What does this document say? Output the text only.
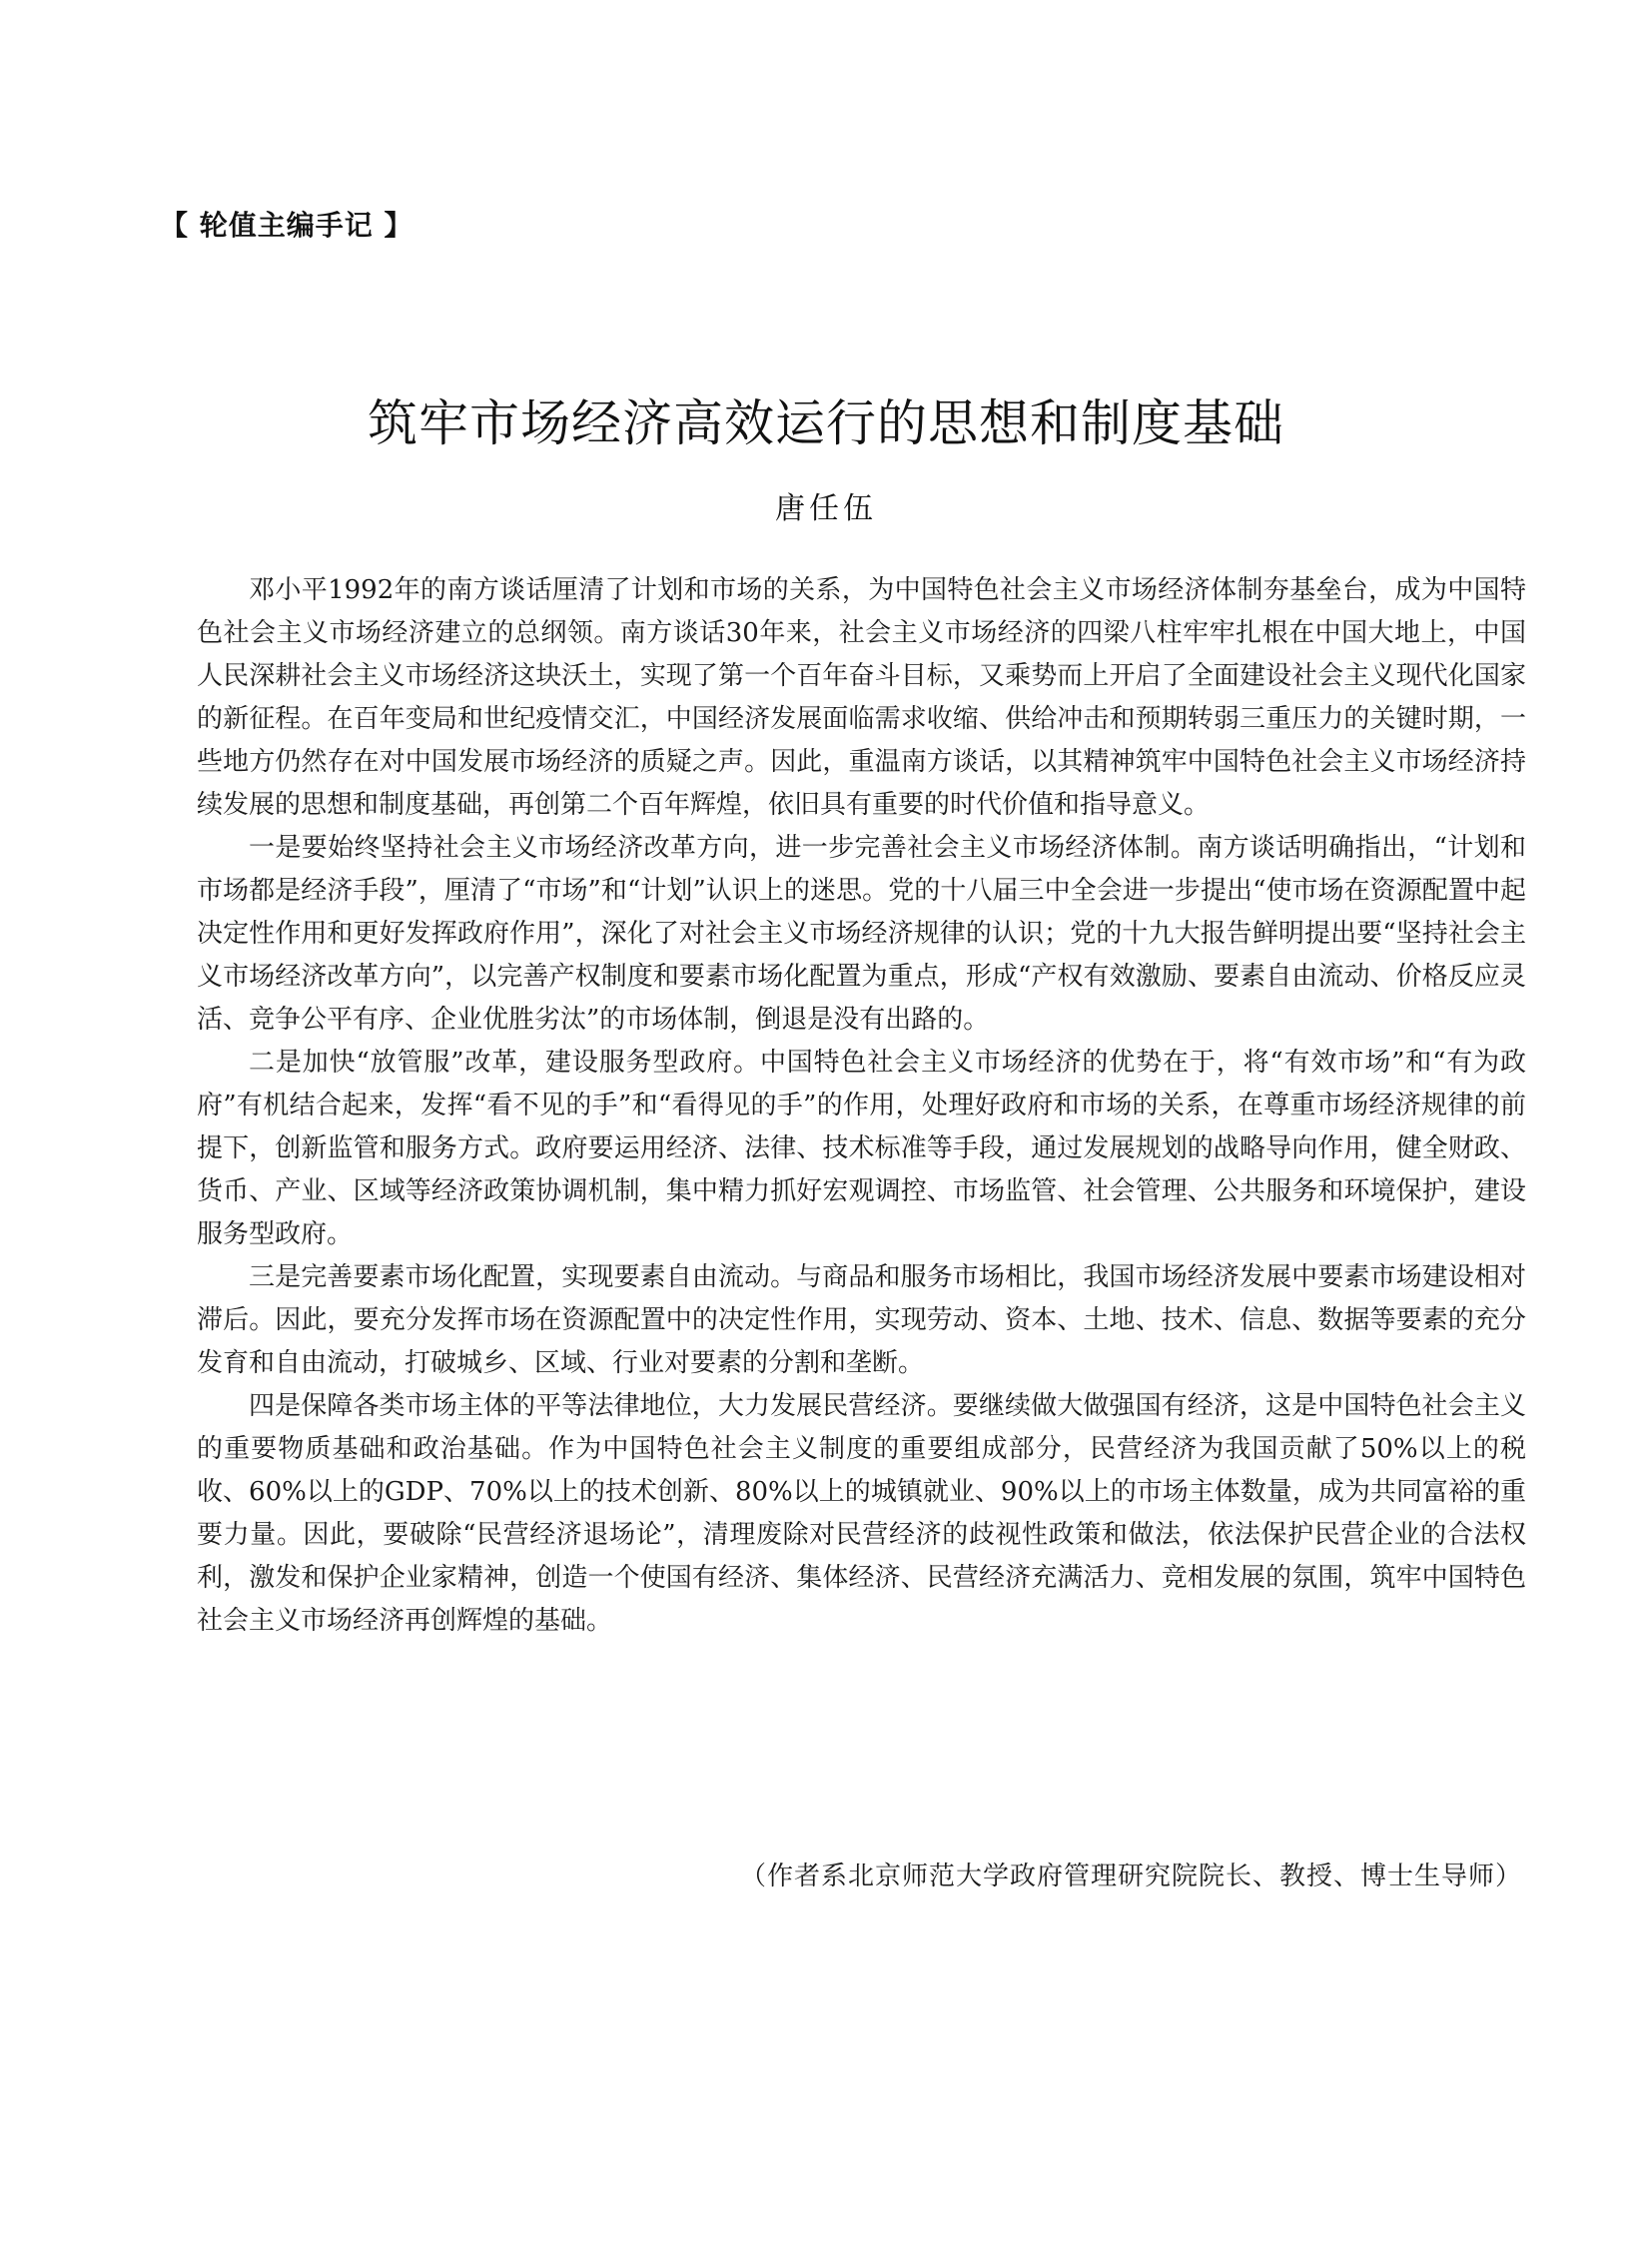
【 轮值主编手记 】
筑牢市场经济高效运行的思想和制度基础
唐任伍

邓小平1992年的南方谈话厘清了计划和市场的关系，为中国特色社会主义市场经济体制夯基垒台，成为中国特色社会主义市场经济建立的总纲领。南方谈话30年来，社会主义市场经济的四梁八柱牢牢扎根在中国大地上，中国人民深耕社会主义市场经济这块沃土，实现了第一个百年奋斗目标，又乘势而上开启了全面建设社会主义现代化国家的新征程。在百年变局和世纪疫情交汇，中国经济发展面临需求收缩、供给冲击和预期转弱三重压力的关键时期，一些地方仍然存在对中国发展市场经济的质疑之声。因此，重温南方谈话，以其精神筑牢中国特色社会主义市场经济持续发展的思想和制度基础，再创第二个百年辉煌，依旧具有重要的时代价值和指导意义。

一是要始终坚持社会主义市场经济改革方向，进一步完善社会主义市场经济体制。南方谈话明确指出，“计划和市场都是经济手段”，厘清了“市场”和“计划”认识上的迷思。党的十八届三中全会进一步提出“使市场在资源配置中起决定性作用和更好发挥政府作用”，深化了对社会主义市场经济规律的认识；党的十九大报告鲜明提出要“坚持社会主义市场经济改革方向”，以完善产权制度和要素市场化配置为重点，形成“产权有效激励、要素自由流动、价格反应灵活、竞争公平有序、企业优胜劣汰”的市场体制，倒退是没有出路的。

二是加快“放管服”改革，建设服务型政府。中国特色社会主义市场经济的优势在于，将“有效市场”和“有为政府”有机结合起来，发挥“看不见的手”和“看得见的手”的作用，处理好政府和市场的关系，在尊重市场经济规律的前提下，创新监管和服务方式。政府要运用经济、法律、技术标准等手段，通过发展规划的战略导向作用，健全财政、货币、产业、区域等经济政策协调机制，集中精力抓好宏观调控、市场监管、社会管理、公共服务和环境保护，建设服务型政府。

三是完善要素市场化配置，实现要素自由流动。与商品和服务市场相比，我国市场经济发展中要素市场建设相对滞后。因此，要充分发挥市场在资源配置中的决定性作用，实现劳动、资本、土地、技术、信息、数据等要素的充分发育和自由流动，打破城乡、区域、行业对要素的分割和垄断。

四是保障各类市场主体的平等法律地位，大力发展民营经济。要继续做大做强国有经济，这是中国特色社会主义的重要物质基础和政治基础。作为中国特色社会主义制度的重要组成部分，民营经济为我国贡献了50%以上的税收、60%以上的GDP、70%以上的技术创新、80%以上的城镇就业、90%以上的市场主体数量，成为共同富裕的重要力量。因此，要破除“民营经济退场论”，清理废除对民营经济的歧视性政策和做法，依法保护民营企业的合法权利，激发和保护企业家精神，创造一个使国有经济、集体经济、民营经济充满活力、竞相发展的氛围，筑牢中国特色社会主义市场经济再创辉煌的基础。

（作者系北京师范大学政府管理研究院院长、教授、博士生导师）
